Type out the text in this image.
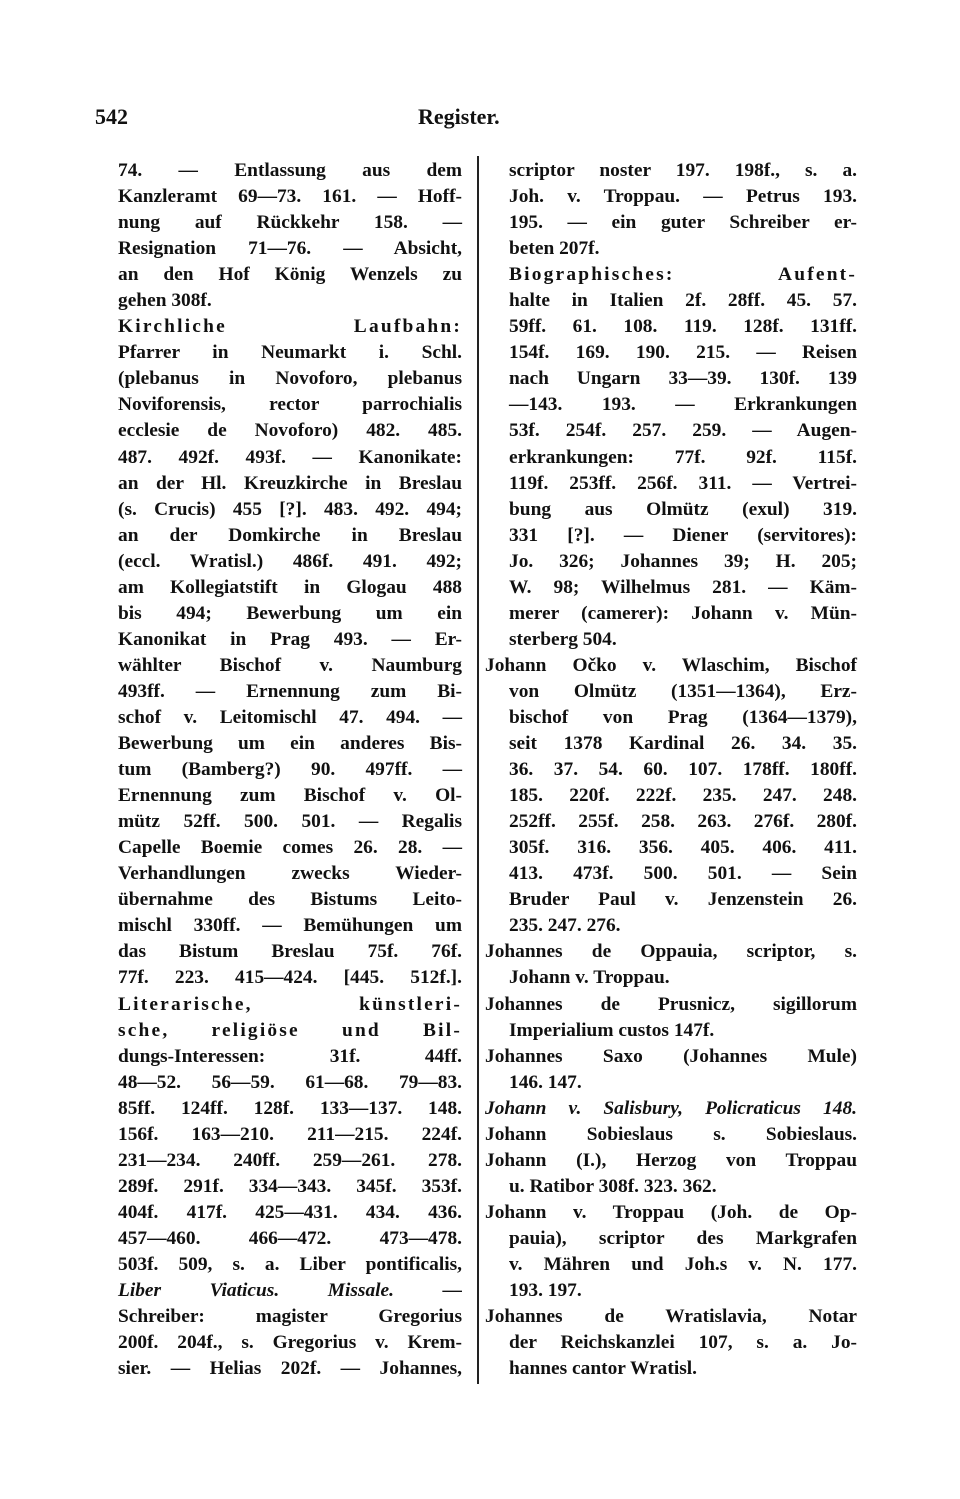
542	Register.
74. — Entlassung aus dem
Kanzleramt 69—73. 161. — Hoff-
nung auf Rückkehr 158. —
Resignation 71—76. — Absicht,
an den Hof König Wenzels zu
gehen 308f.
Kirchliche Laufbahn:
Pfarrer in Neumarkt i. Schl.
(plebanus in Novoforo, plebanus
Noviforensis, rector parrochialis
ecclesie de Novoforo) 482. 485.
487. 492f. 493f. — Kanonikate:
an der Hl. Kreuzkirche in Breslau
(s. Crucis) 455 [?]. 483. 492. 494;
an der Domkirche in Breslau
(eccl. Wratisl.) 486f. 491. 492;
am Kollegiatstift in Glogau 488
bis 494; Bewerbung um ein
Kanonikat in Prag 493. — Er-
wählter Bischof v. Naumburg
493ff. — Ernennung zum Bi-
schof v. Leitomischl 47. 494. —
Bewerbung um ein anderes Bis-
tum (Bamberg?) 90. 497ff. —
Ernennung zum Bischof v. Ol-
mütz 52ff. 500. 501. — Regalis
Capelle Boemie comes 26. 28. —
Verhandlungen zwecks Wieder-
übernahme des Bistums Leito-
mischl 330ff. — Bemühungen um
das Bistum Breslau 75f. 76f.
77f. 223. 415—424. [445. 512f.].
Literarische, künstleri-
sche, religiöse und Bil-
dungs-Interessen: 31f. 44ff.
48—52. 56—59. 61—68. 79—83.
85ff. 124ff. 128f. 133—137. 148.
156f. 163—210. 211—215. 224f.
231—234. 240ff. 259—261. 278.
289f. 291f. 334—343. 345f. 353f.
404f. 417f. 425—431. 434. 436.
457—460. 466—472. 473—478.
503f. 509, s. a. Liber pontificalis,
Liber Viaticus. Missale. —
Schreiber: magister Gregorius
200f. 204f., s. Gregorius v. Krem-
sier. — Helias 202f. — Johannes,
scriptor noster 197. 198f., s. a.
Joh. v. Troppau. — Petrus 193.
195. — ein guter Schreiber er-
beten 207f.
Biographisches: Aufent-
halte in Italien 2f. 28ff. 45. 57.
59ff. 61. 108. 119. 128f. 131ff.
154f. 169. 190. 215. — Reisen
nach Ungarn 33—39. 130f. 139
—143. 193. — Erkrankungen
53f. 254f. 257. 259. — Augen-
erkrankungen: 77f. 92f. 115f.
119f. 253ff. 256f. 311. — Vertrei-
bung aus Olmütz (exul) 319.
331 [?]. — Diener (servitores):
Jo. 326; Johannes 39; H. 205;
W. 98; Wilhelmus 281. — Käm-
merer (camerer): Johann v. Mün-
sterberg 504.
Johann Očko v. Wlaschim, Bischof
von Olmütz (1351—1364), Erz-
bischof von Prag (1364—1379),
seit 1378 Kardinal 26. 34. 35.
36. 37. 54. 60. 107. 178ff. 180ff.
185. 220f. 222f. 235. 247. 248.
252ff. 255f. 258. 263. 276f. 280f.
305f. 316. 356. 405. 406. 411.
413. 473f. 500. 501. — Sein
Bruder Paul v. Jenzenstein 26.
235. 247. 276.
Johannes de Oppauia, scriptor, s.
Johann v. Troppau.
Johannes de Prusnicz, sigillorum
Imperialium custos 147f.
Johannes Saxo (Johannes Mule)
146. 147.
Johann v. Salisbury, Policraticus 148.
Johann Sobieslaus s. Sobieslaus.
Johann (I.), Herzog von Troppau
u. Ratibor 308f. 323. 362.
Johann v. Troppau (Joh. de Op-
pauia), scriptor des Markgrafen
v. Mähren und Joh.s v. N. 177.
193. 197.
Johannes de Wratislavia, Notar
der Reichskanzlei 107, s. a. Jo-
hannes cantor Wratisl.
